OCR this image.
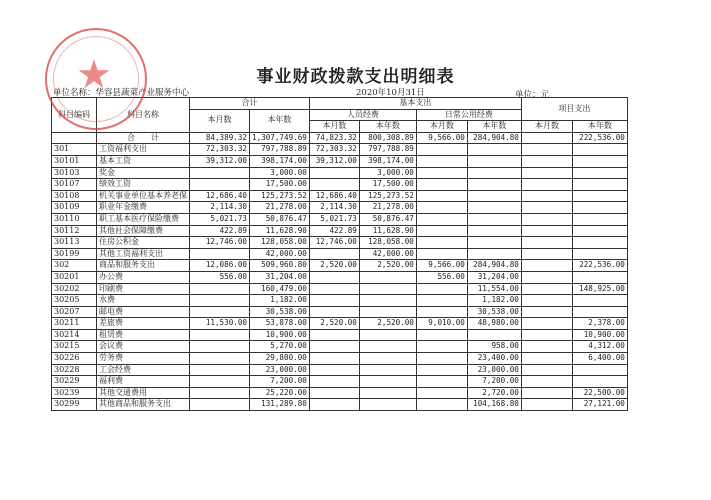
事业财政拨款支出明细表
单位名称：华容县蔬菜产业服务中心	2020年10月31日	单位：元
科目编码	科目名称	合计		基本支出				项目支出	
		本月数	本年数	人员经费		日常公用经费			
				本月数	本年数	本月数	本年数	本月数	本年数
	合　　计	84,389.32	1,307,749.69	74,823.32	800,308.89	9,566.00	284,904.80		222,536.00
301	工资福利支出	72,303.32	797,788.89	72,303.32	797,788.89				
30101	基本工资	39,312.00	398,174.00	39,312.00	398,174.00				
30103	奖金		3,000.00		3,000.00				
30107	绩效工资		17,500.00		17,500.00				
30108	机关事业单位基本养老保	12,686.40	125,273.52	12,686.40	125,273.52				
30109	职业年金缴费	2,114.30	21,278.00	2,114.30	21,278.00				
30110	职工基本医疗保险缴费	5,021.73	50,876.47	5,021.73	50,876.47				
30112	其他社会保障缴费	422.89	11,628.90	422.89	11,628.90				
30113	住房公积金	12,746.00	128,058.00	12,746.00	128,058.00				
30199	其他工资福利支出		42,000.00		42,000.00				
302	商品和服务支出	12,086.00	509,960.80	2,520.00	2,520.00	9,566.00	284,904.80		222,536.00
30201	办公费	556.00	31,204.00			556.00	31,204.00		
30202	印刷费		160,479.00				11,554.00		148,925.00
30205	水费		1,182.00				1,182.00		
30207	邮电费		30,538.00				30,538.00		
30211	差旅费	11,530.00	53,878.00	2,520.00	2,520.00	9,010.00	48,980.00		2,378.00
30214	租赁费		10,900.00						10,900.00
30215	会议费		5,270.00				958.00		4,312.00
30226	劳务费		29,800.00				23,400.00		6,400.00
30228	工会经费		23,000.00				23,000.00		
30229	福利费		7,200.00				7,200.00		
30239	其他交通费用		25,220.00				2,720.00		22,500.00
30299	其他商品和服务支出		131,289.80				104,168.80		27,121.00
★
